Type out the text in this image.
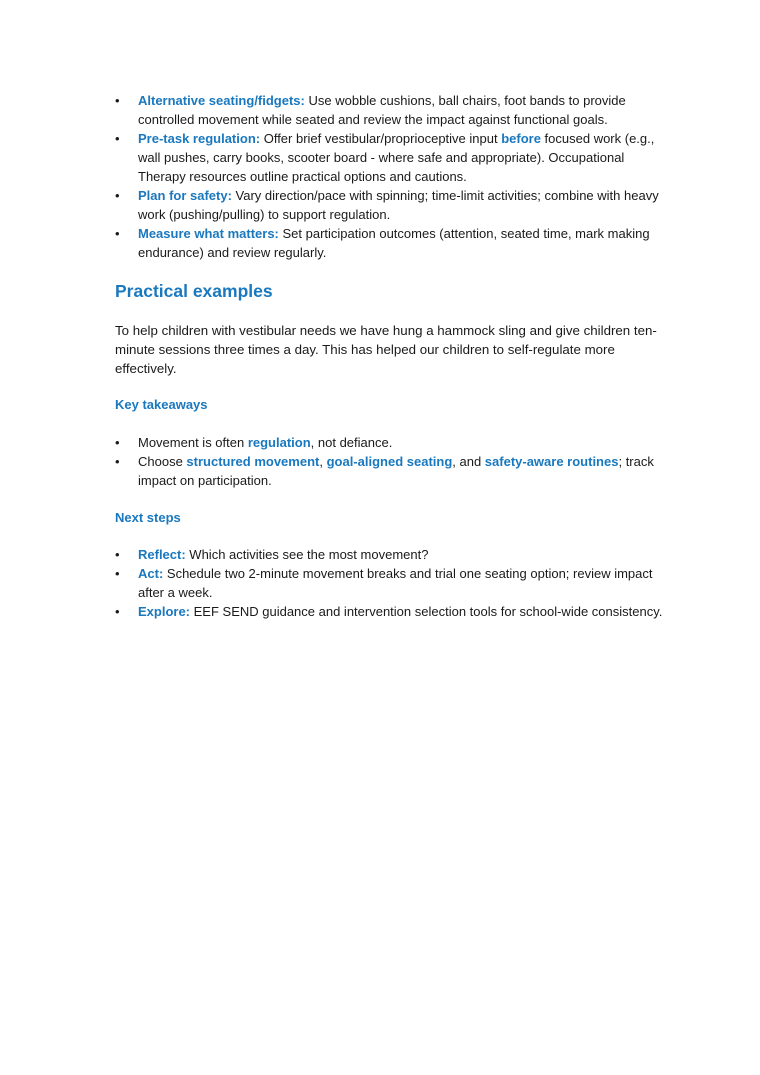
• Alternative seating/fidgets: Use wobble cushions, ball chairs, foot bands to provide controlled movement while seated and review the impact against functional goals.
• Pre-task regulation: Offer brief vestibular/proprioceptive input before focused work (e.g., wall pushes, carry books, scooter board - where safe and appropriate). Occupational Therapy resources outline practical options and cautions.
• Plan for safety: Vary direction/pace with spinning; time-limit activities; combine with heavy work (pushing/pulling) to support regulation.
• Measure what matters: Set participation outcomes (attention, seated time, mark making endurance) and review regularly.
Practical examples

To help children with vestibular needs we have hung a hammock sling and give children ten-minute sessions three times a day. This has helped our children to self-regulate more effectively.

Key takeaways
• Movement is often regulation, not defiance.
• Choose structured movement, goal-aligned seating, and safety-aware routines; track impact on participation.
Next steps
• Reflect: Which activities see the most movement?
• Act: Schedule two 2-minute movement breaks and trial one seating option; review impact after a week.
• Explore: EEF SEND guidance and intervention selection tools for school-wide consistency.
